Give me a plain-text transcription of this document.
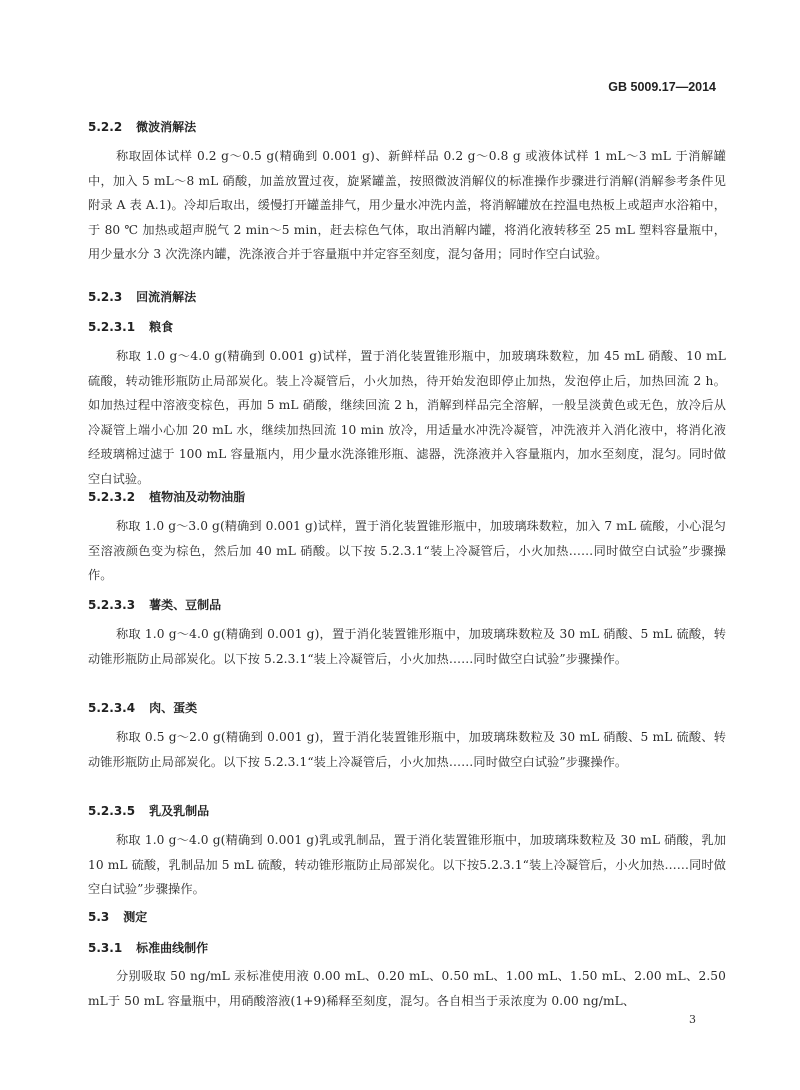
GB 5009.17—2014
5.2.2 微波消解法
称取固体试样 0.2 g～0.5 g(精确到 0.001 g)、新鲜样品 0.2 g～0.8 g 或液体试样 1 mL～3 mL 于消解罐中，加入 5 mL～8 mL 硝酸，加盖放置过夜，旋紧罐盖，按照微波消解仪的标准操作步骤进行消解(消解参考条件见附录 A 表 A.1)。冷却后取出，缓慢打开罐盖排气，用少量水冲洗内盖，将消解罐放在控温电热板上或超声水浴箱中，于 80 ℃ 加热或超声脱气 2 min～5 min，赶去棕色气体，取出消解内罐，将消化液转移至 25 mL 塑料容量瓶中，用少量水分 3 次洗涤内罐，洗涤液合并于容量瓶中并定容至刻度，混匀备用；同时作空白试验。
5.2.3 回流消解法
5.2.3.1 粮食
称取 1.0 g～4.0 g(精确到 0.001 g)试样，置于消化装置锥形瓶中，加玻璃珠数粒，加 45 mL 硝酸、10 mL 硫酸，转动锥形瓶防止局部炭化。装上冷凝管后，小火加热，待开始发泡即停止加热，发泡停止后，加热回流 2 h。如加热过程中溶液变棕色，再加 5 mL 硝酸，继续回流 2 h，消解到样品完全溶解，一般呈淡黄色或无色，放冷后从冷凝管上端小心加 20 mL 水，继续加热回流 10 min 放冷，用适量水冲洗冷凝管，冲洗液并入消化液中，将消化液经玻璃棉过滤于 100 mL 容量瓶内，用少量水洗涤锥形瓶、滤器，洗涤液并入容量瓶内，加水至刻度，混匀。同时做空白试验。
5.2.3.2 植物油及动物油脂
称取 1.0 g～3.0 g(精确到 0.001 g)试样，置于消化装置锥形瓶中，加玻璃珠数粒，加入 7 mL 硫酸，小心混匀至溶液颜色变为棕色，然后加 40 mL 硝酸。以下按 5.2.3.1“装上冷凝管后，小火加热……同时做空白试验”步骤操作。
5.2.3.3 薯类、豆制品
称取 1.0 g～4.0 g(精确到 0.001 g)，置于消化装置锥形瓶中，加玻璃珠数粒及 30 mL 硝酸、5 mL 硫酸，转动锥形瓶防止局部炭化。以下按 5.2.3.1“装上冷凝管后，小火加热……同时做空白试验”步骤操作。
5.2.3.4 肉、蛋类
称取 0.5 g～2.0 g(精确到 0.001 g)，置于消化装置锥形瓶中，加玻璃珠数粒及 30 mL 硝酸、5 mL 硫酸、转动锥形瓶防止局部炭化。以下按 5.2.3.1“装上冷凝管后，小火加热……同时做空白试验”步骤操作。
5.2.3.5 乳及乳制品
称取 1.0 g～4.0 g(精确到 0.001 g)乳或乳制品，置于消化装置锥形瓶中，加玻璃珠数粒及 30 mL 硝酸，乳加 10 mL 硫酸，乳制品加 5 mL 硫酸，转动锥形瓶防止局部炭化。以下按5.2.3.1“装上冷凝管后，小火加热……同时做空白试验”步骤操作。
5.3 测定
5.3.1 标准曲线制作
分别吸取 50 ng/mL 汞标准使用液 0.00 mL、0.20 mL、0.50 mL、1.00 mL、1.50 mL、2.00 mL、2.50 mL于 50 mL 容量瓶中，用硝酸溶液(1+9)稀释至刻度，混匀。各自相当于汞浓度为 0.00 ng/mL、
3
